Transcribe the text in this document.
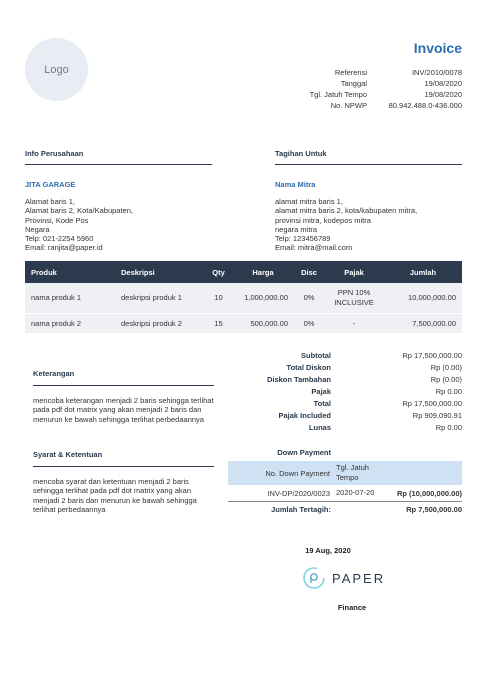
Logo
Invoice
Referensi	INV/2010/0078
Tanggal	19/08/2020
Tgl. Jatuh Tempo	19/08/2020
No. NPWP	80.942.488.0-436.000
Info Perusahaan
JITA GARAGE
Alamat baris 1,
Alamat baris 2, Kota/Kabupaten,
Provinsi, Kode Pos
Negara
Telp: 021-2254 5960
Email: ranjita@paper.id
Tagihan Untuk
Nama Mitra
alamat mitra baris 1,
alamat mitra baris 2, kota/kabupaten mitra,
provinsi mitra, kodepos mitra
negara mitra
Telp: 123456789
Email: mitra@mail.com
Produk	Deskripsi	Qty	Harga	Disc	Pajak	Jumlah
nama produk 1	deskripsi produk 1	10	1,000,000.00	0%	PPN 10%
INCLUSIVE	10,000,000.00
nama produk 2	deskripsi produk 2	15	500,000.00	0%	-	7,500,000.00
Subtotal	Rp 17,500,000.00
Total Diskon	Rp (0.00)
Diskon Tambahan	Rp (0.00)
Pajak	Rp 0.00
Total	Rp 17,500,000.00
Pajak Included	Rp 909,090.91
Lunas	Rp 0.00
Down Payment
No. Down Payment
Tgl. Jatuh Tempo
INV-DP/2020/0023 2020-07-20	Rp (10,000,000.00)
Jumlah Tertagih:	Rp 7,500,000.00
Keterangan
mencoba keterangan menjadi 2 baris sehingga terlihat
pada pdf dot matrix yang akan menjadi 2 baris dan
menurun ke bawah sehingga terlihat perbedaannya
Syarat & Ketentuan
mencoba syarat dan ketentuan menjadi 2 baris
sehingga terlihat pada pdf dot matrix yang akan
menjadi 2 baris dan menurun ke bawah sehingga
terlihat perbedaannya
19 Aug, 2020
PAPER
Finance
